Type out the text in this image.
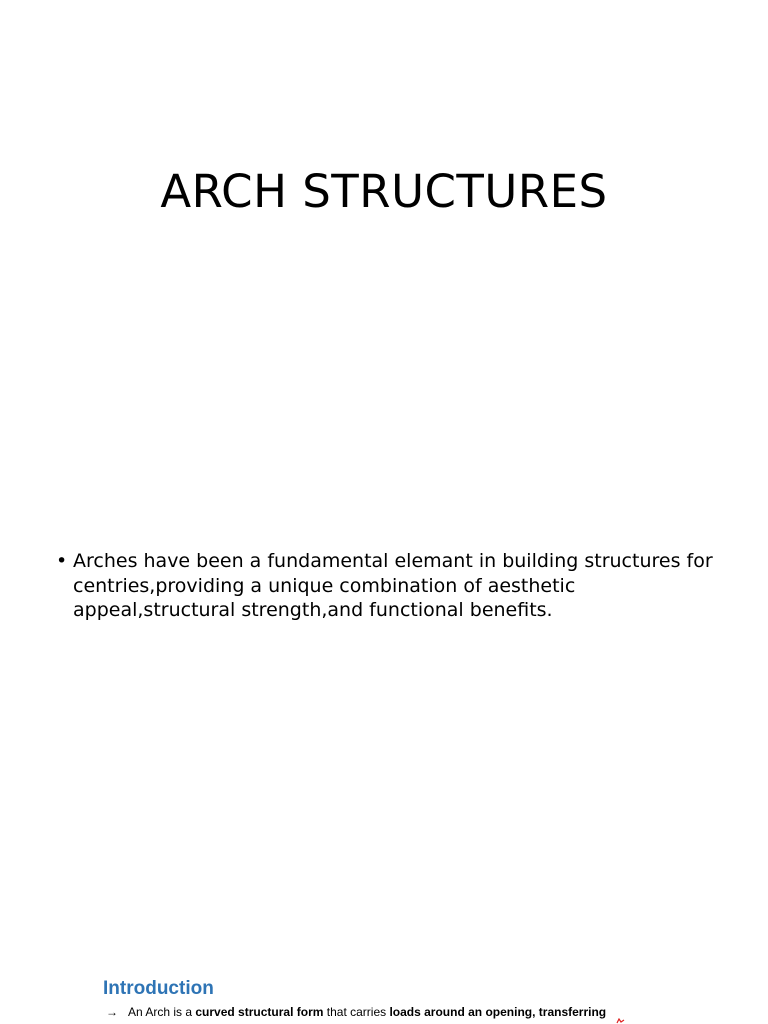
ARCH STRUCTURES
• Arches have been a fundamental elemant in building structures for centries,providing a unique combination of aesthetic appeal,structural strength,and functional benefits.
Introduction
→ An Arch is a curved structural form that carries loads around an opening, transferring
